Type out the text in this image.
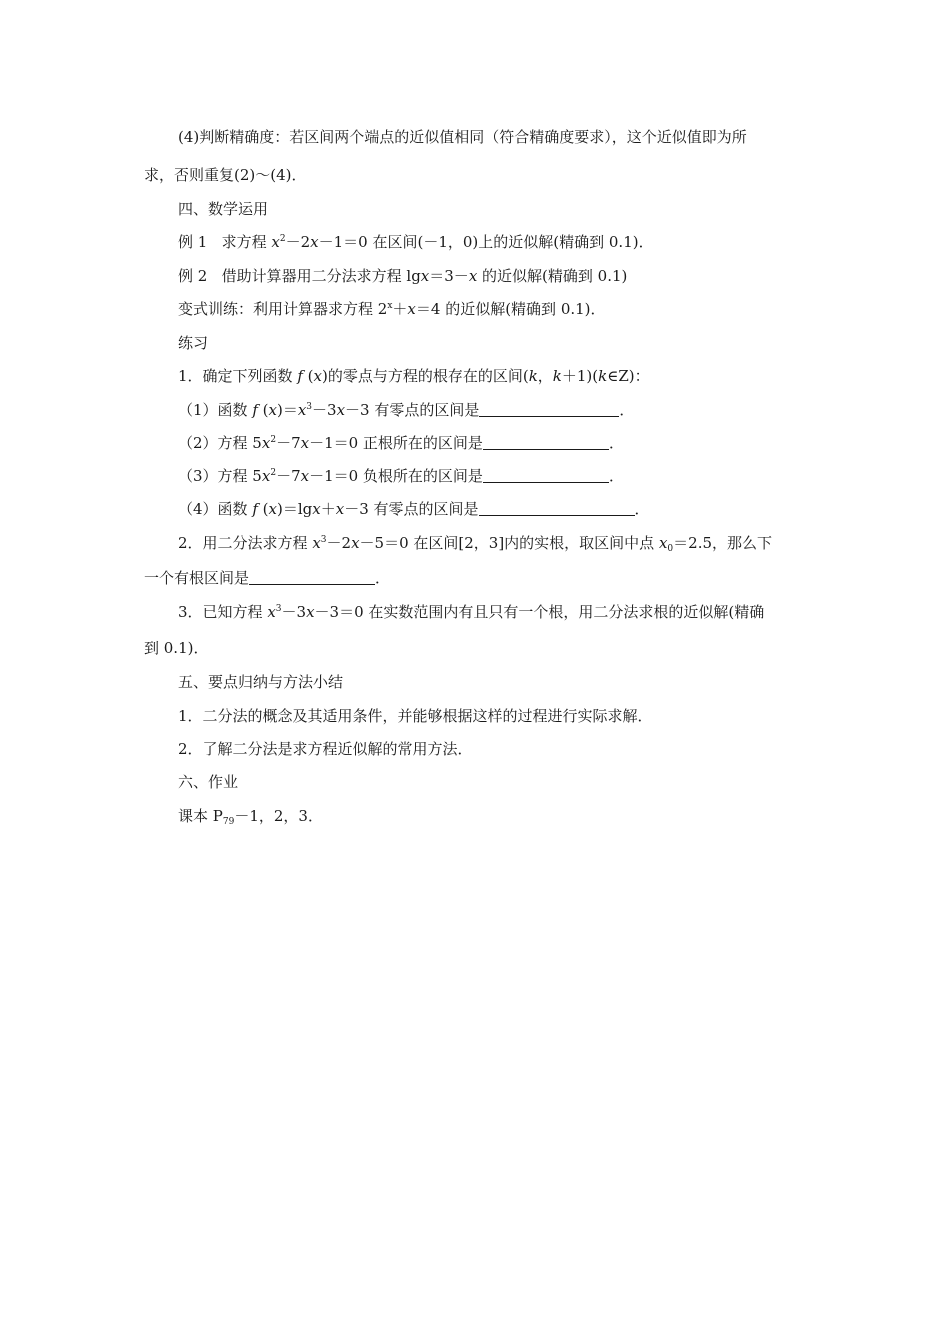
(4)判断精确度：若区间两个端点的近似值相同（符合精确度要求），这个近似值即为所
求，否则重复(2)～(4)．
四、数学运用
例 1 求方程 $x^2-2x-1=0$ 在区间(－1，0)上的近似解(精确到 0.1)．
例 2 借助计算器用二分法求方程 lgx＝3－x 的近似解(精确到 0.1)
变式训练：利用计算器求方程 $2^x+x=4$ 的近似解(精确到 0.1)．
练习
1．确定下列函数 f (x)的零点与方程的根存在的区间(k，k＋1)(k∈Z)：
（1）函数 f $(x)=x^3-3x-3$ 有零点的区间是	．
（2）方程 $5x^2-7x-1=0$ 正根所在的区间是	．
（3）方程 $5x^2-7x-1=0$ 负根所在的区间是	．
（4）函数 f (x)＝lgx＋x－3 有零点的区间是	．
2．用二分法求方程 $x^3-2x-5=0$ 在区间[2，3]内的实根，取区间中点 $x_0=2.5$，那么下
一个有根区间是	．
3．已知方程 $x^3-3x-3=0$ 在实数范围内有且只有一个根，用二分法求根的近似解(精确
到 0.1)．
五、要点归纳与方法小结
1．二分法的概念及其适用条件，并能够根据这样的过程进行实际求解．
2．了解二分法是求方程近似解的常用方法．
六、作业
课本 $P_{79}-1$，2，3．
